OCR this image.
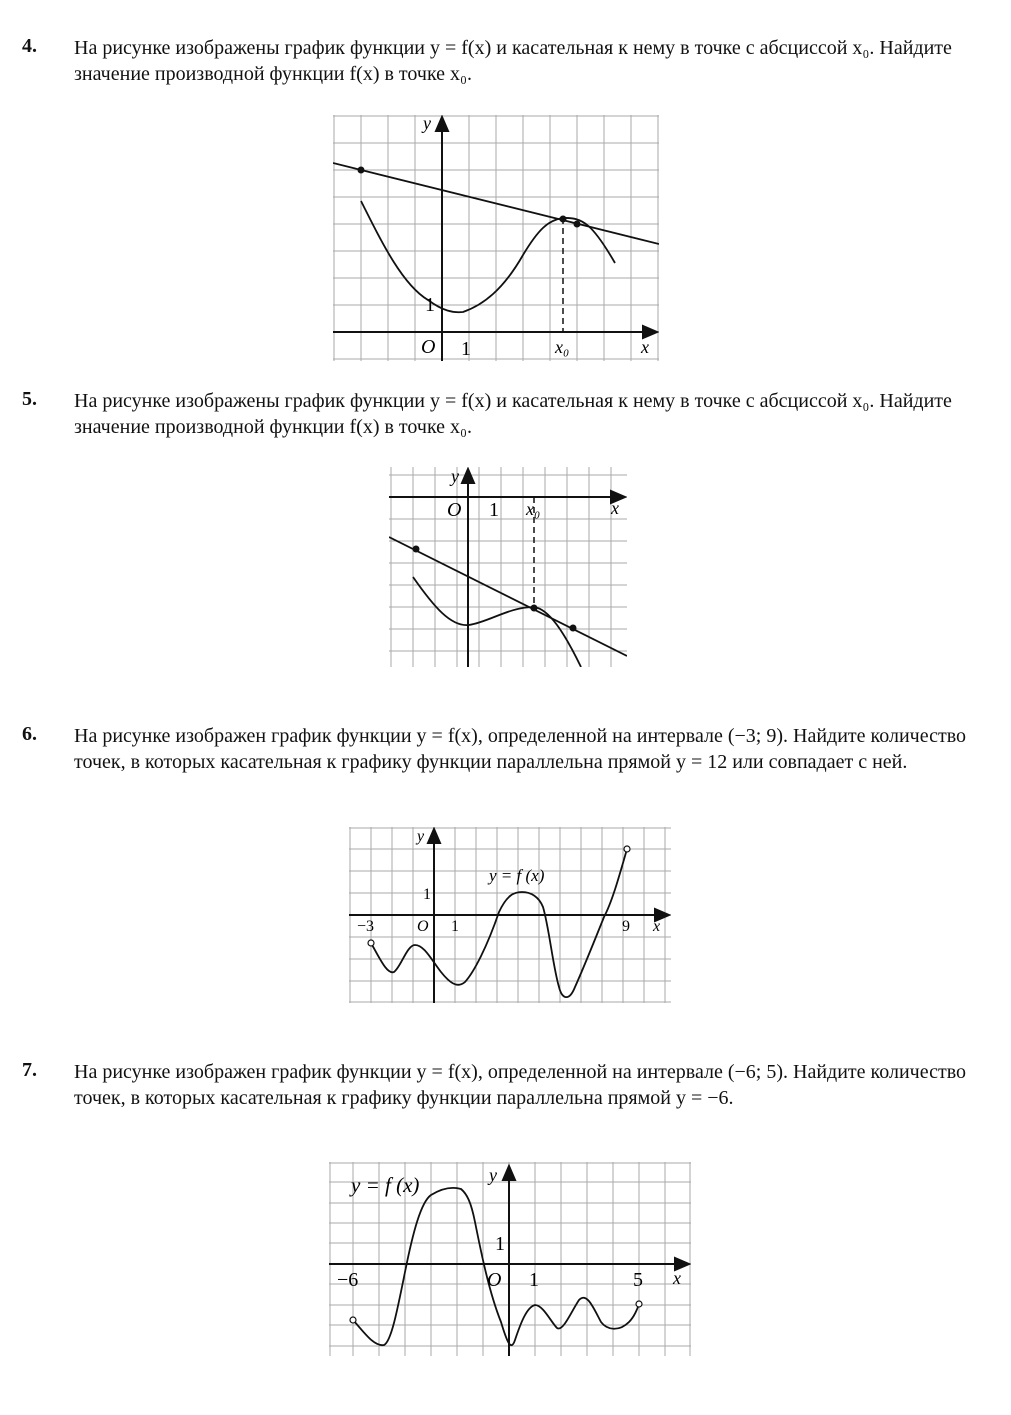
4. На рисунке изображены график функции y = f(x) и касательная к нему в точке с абсциссой x₀. Найдите значение производной функции f(x) в точке x₀.
y
x
O 1
1
x₀
5. На рисунке изображены график функции y = f(x) и касательная к нему в точке с абсциссой x₀. Найдите значение производной функции f(x) в точке x₀.
y
x
O 1 x₀
6. На рисунке изображен график функции y = f(x), определенной на интервале (−3; 9). Найдите количество точек, в которых касательная к графику функции параллельна прямой y = 12 или совпадает с ней.
y
x
O 1
1
−3	9
y = f (x)
7. На рисунке изображен график функции y = f(x), определенной на интервале (−6; 5). Найдите количество точек, в которых касательная к графику функции параллельна прямой y = −6.
y
x
O 1
1
−6	5
y = f (x)
